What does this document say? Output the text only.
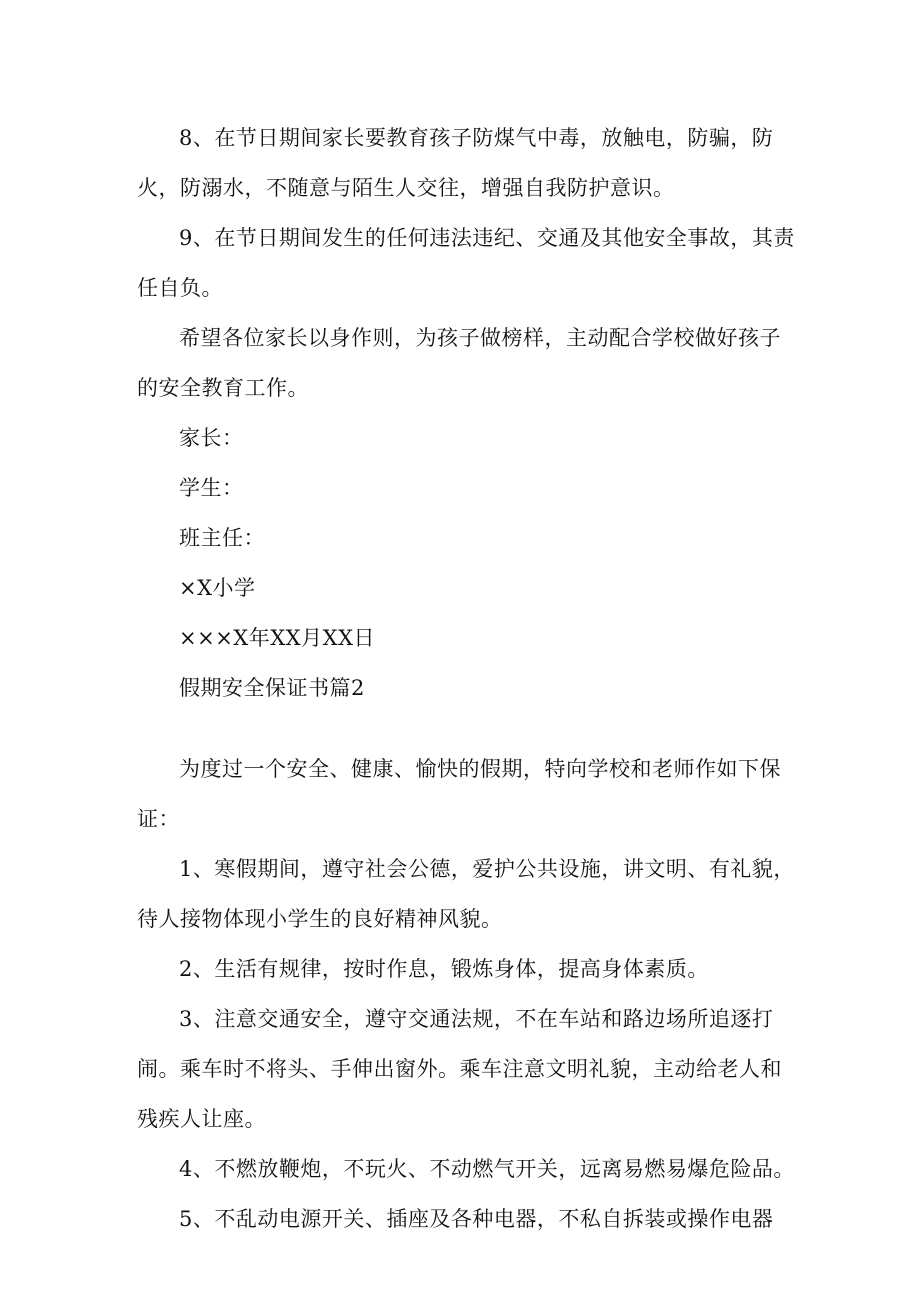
8、在节日期间家长要教育孩子防煤气中毒，放触电，防骗，防火，防溺水，不随意与陌生人交往，增强自我防护意识。

9、在节日期间发生的任何违法违纪、交通及其他安全事故，其责任自负。

希望各位家长以身作则，为孩子做榜样，主动配合学校做好孩子的安全教育工作。

家长：

学生：

班主任：

×X小学

×××X年XX月XX日

假期安全保证书篇2

为度过一个安全、健康、愉快的假期，特向学校和老师作如下保证：

1、寒假期间，遵守社会公德，爱护公共设施，讲文明、有礼貌，待人接物体现小学生的良好精神风貌。

2、生活有规律，按时作息，锻炼身体，提高身体素质。

3、注意交通安全，遵守交通法规，不在车站和路边场所追逐打闹。乘车时不将头、手伸出窗外。乘车注意文明礼貌，主动给老人和残疾人让座。

4、不燃放鞭炮，不玩火、不动燃气开关，远离易燃易爆危险品。

5、不乱动电源开关、插座及各种电器，不私自拆装或操作电器
